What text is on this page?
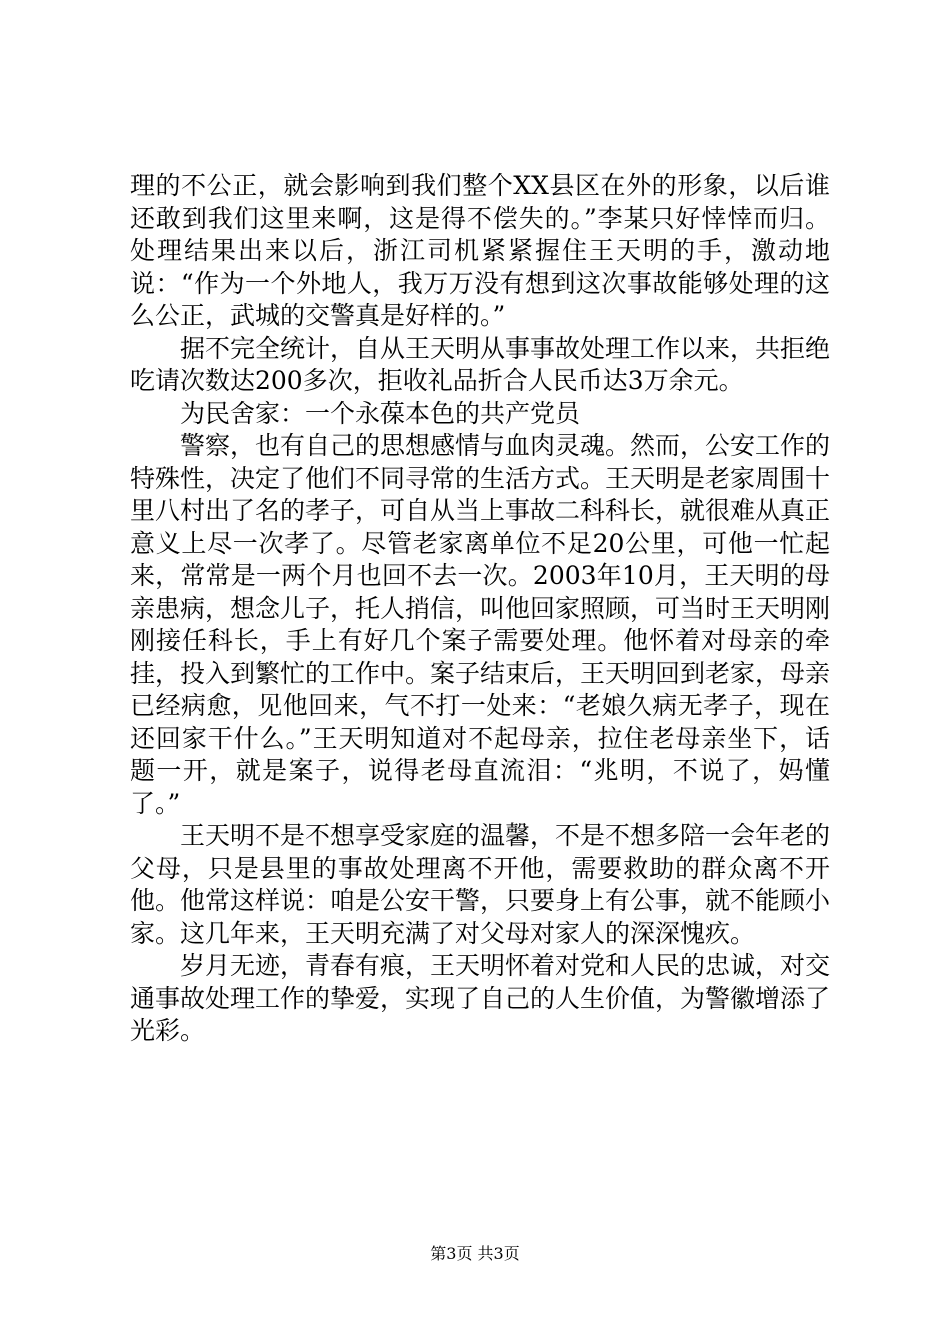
理的不公正，就会影响到我们整个XX县区在外的形象，以后谁还敢到我们这里来啊，这是得不偿失的。”李某只好悻悻而归。处理结果出来以后，浙江司机紧紧握住王天明的手，激动地说：“作为一个外地人，我万万没有想到这次事故能够处理的这么公正，武城的交警真是好样的。”

据不完全统计，自从王天明从事事故处理工作以来，共拒绝吃请次数达200多次，拒收礼品折合人民币达3万余元。

为民舍家：一个永葆本色的共产党员

警察，也有自己的思想感情与血肉灵魂。然而，公安工作的特殊性，决定了他们不同寻常的生活方式。王天明是老家周围十里八村出了名的孝子，可自从当上事故二科科长，就很难从真正意义上尽一次孝了。尽管老家离单位不足20公里，可他一忙起来，常常是一两个月也回不去一次。2003年10月，王天明的母亲患病，想念儿子，托人捎信，叫他回家照顾，可当时王天明刚刚接任科长，手上有好几个案子需要处理。他怀着对母亲的牵挂，投入到繁忙的工作中。案子结束后，王天明回到老家，母亲已经病愈，见他回来，气不打一处来：“老娘久病无孝子，现在还回家干什么。”王天明知道对不起母亲，拉住老母亲坐下，话题一开，就是案子，说得老母直流泪：“兆明，不说了，妈懂了。”

王天明不是不想享受家庭的温馨，不是不想多陪一会年老的父母，只是县里的事故处理离不开他，需要救助的群众离不开他。他常这样说：咱是公安干警，只要身上有公事，就不能顾小家。这几年来，王天明充满了对父母对家人的深深愧疚。

岁月无迹，青春有痕，王天明怀着对党和人民的忠诚，对交通事故处理工作的挚爱，实现了自己的人生价值，为警徽增添了光彩。

第3页 共3页
